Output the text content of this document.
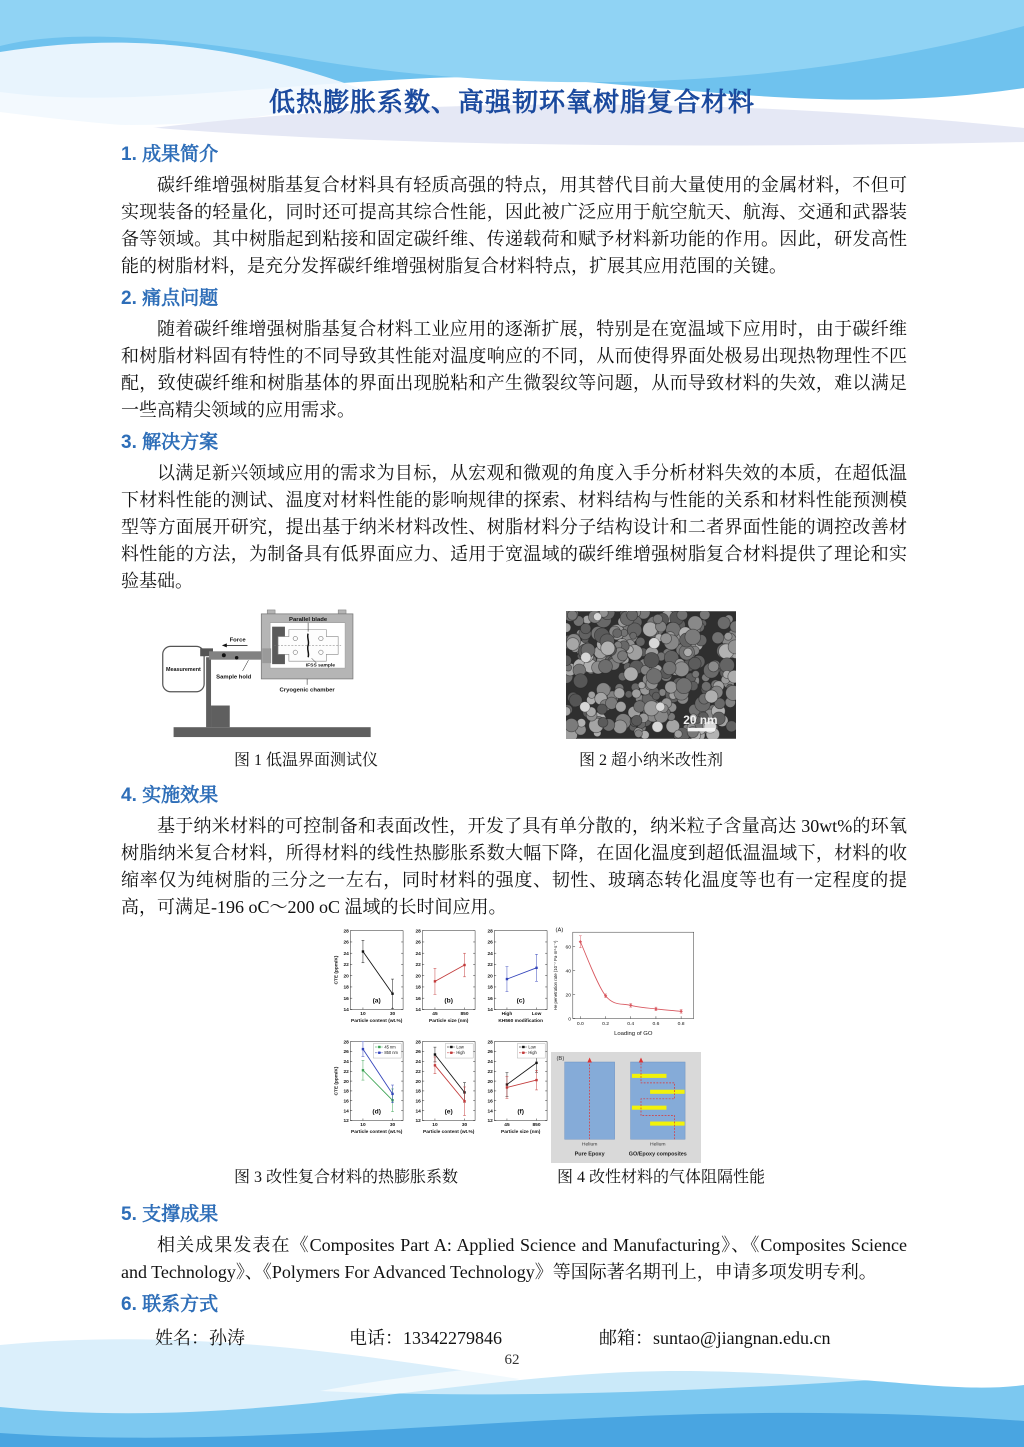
低热膨胀系数、高强韧环氧树脂复合材料
1. 成果简介

碳纤维增强树脂基复合材料具有轻质高强的特点，用其替代目前大量使用的金属材料，不但可实现装备的轻量化，同时还可提高其综合性能，因此被广泛应用于航空航天、航海、交通和武器装备等领域。其中树脂起到粘接和固定碳纤维、传递载荷和赋予材料新功能的作用。因此，研发高性能的树脂材料，是充分发挥碳纤维增强树脂复合材料特点，扩展其应用范围的关键。

2. 痛点问题

随着碳纤维增强树脂基复合材料工业应用的逐渐扩展，特别是在宽温域下应用时，由于碳纤维和树脂材料固有特性的不同导致其性能对温度响应的不同，从而使得界面处极易出现热物理性不匹配，致使碳纤维和树脂基体的界面出现脱粘和产生微裂纹等问题，从而导致材料的失效，难以满足一些高精尖领域的应用需求。

3. 解决方案

以满足新兴领域应用的需求为目标，从宏观和微观的角度入手分析材料失效的本质，在超低温下材料性能的测试、温度对材料性能的影响规律的探索、材料结构与性能的关系和材料性能预测模型等方面展开研究，提出基于纳米材料改性、树脂材料分子结构设计和二者界面性能的调控改善材料性能的方法，为制备具有低界面应力、适用于宽温域的碳纤维增强树脂复合材料提供了理论和实验基础。

Measurement
Force
Sample hold
Parallel blade
IFSS sample
Cryogenic chamber
图 1 低温界面测试仪
20 nm
图 2 超小纳米改性剂
4. 实施效果

基于纳米材料的可控制备和表面改性，开发了具有单分散的，纳米粒子含量高达 30wt%的环氧树脂纳米复合材料，所得材料的线性热膨胀系数大幅下降，在固化温度到超低温温域下，材料的收缩率仅为纯树脂的三分之一左右，同时材料的强度、韧性、玻璃态转化温度等也有一定程度的提高，可满足-196 oC～200 oC 温域的长时间应用。

14
16
18
20
22
24
26
28
10 30
Particle content (wt.%)
CTE (ppm/K)
(a)
14
16
18
20
22
24
26
28
45 850
Particle size (nm)
(b)
14
16
18
20
22
24
26
28
High Low
KH560 modification
(c)
12
14
16
18
20
22
24
26
28
10 30
Particle content (wt.%)
CTE (ppm/K)
(d)
45 nm
850 nm
12
14
16
18
20
22
24
26
28
10 30
Particle content (wt.%)
(e)
Low
High
12
14
16
18
20
22
24
26
28
45 850
Particle size (nm)
(f)
Low
High
0
20
40
60
0.0 0.2 0.4 0.6 0.8
(A)
Loading of GO
He penetration rate (10⁻⁷ Pa·m³·s⁻¹)
(B)
Helium
Pure Epoxy
Helium
GO/Epoxy composites
图 3 改性复合材料的热膨胀系数	图 4 改性材料的气体阻隔性能
5. 支撑成果

相关成果发表在《Composites Part A: Applied Science and Manufacturing》、《Composites Science and Technology》、《Polymers For Advanced Technology》等国际著名期刊上，申请多项发明专利。

6. 联系方式
姓名：孙涛	电话：13342279846	邮箱：suntao@jiangnan.edu.cn
62
